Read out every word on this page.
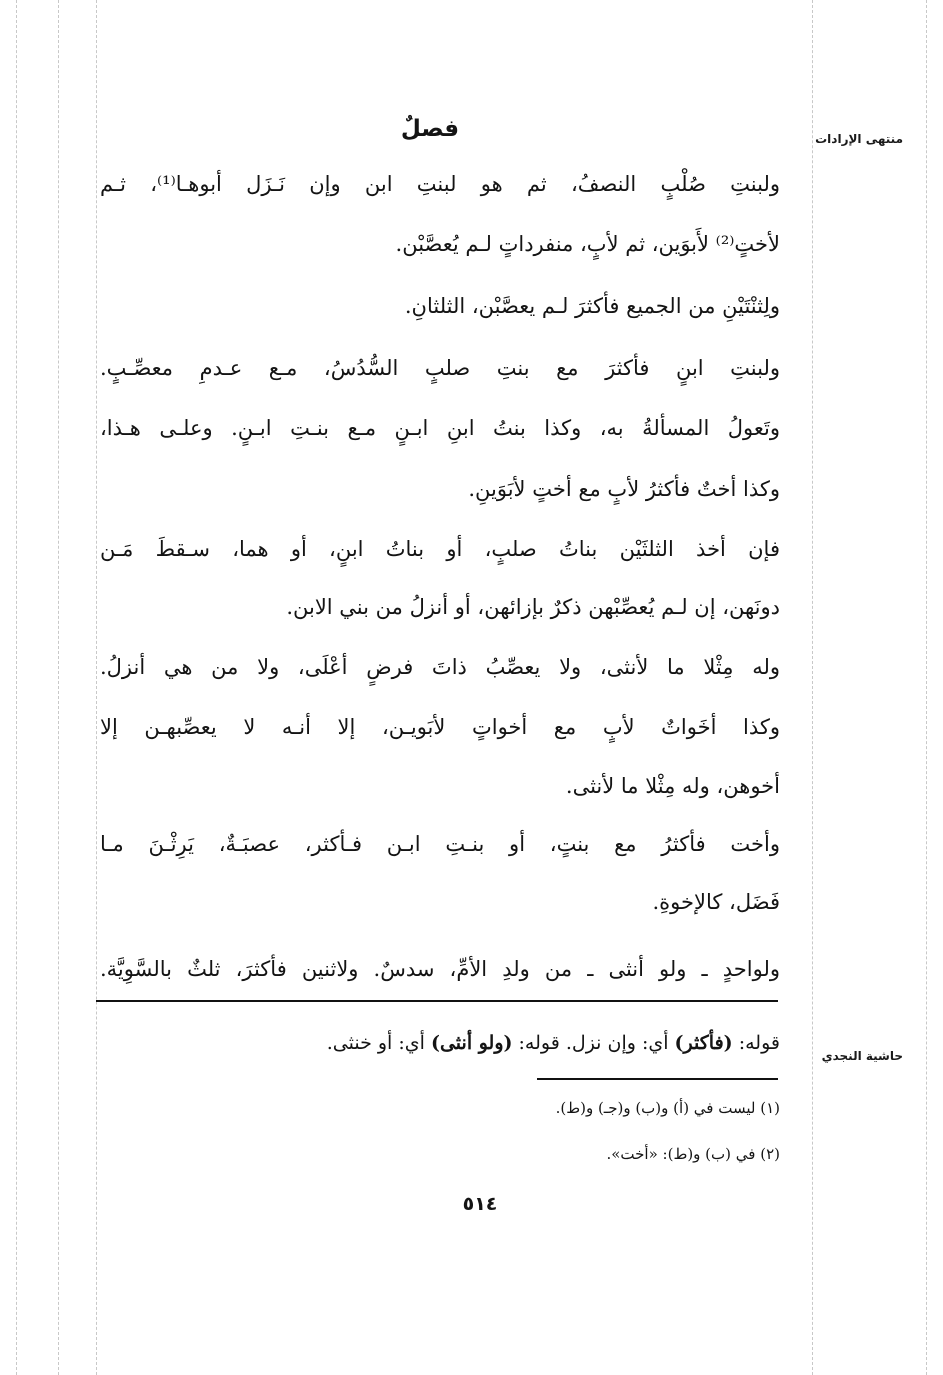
منتهى الإرادات
فصلٌ
ولبنتِ صُلْبٍ النصفُ، ثم هو لبنتِ ابن وإن نَـزَل أبوهـا⁽¹⁾، ثـم
لأختٍ⁽²⁾ لأَبوَين، ثم لأبٍ، منفرداتٍ لـم يُعصَّبْن.
ولِثنْتَيْنِ من الجميع فأكثرَ لـم يعصَّبْن، الثلثانِ.
ولبنتِ ابنٍ فأكثرَ مع بنتِ صلبٍ السُّدُسُ، مـع عـدمِ معصِّـبٍ.
وتَعولُ المسألةُ به، وكذا بنتُ ابنِ ابـنٍ مـع بنـتِ ابـنٍ. وعلـى هـذا،
وكذا أختٌ فأكثرُ لأبٍ مع أختٍ لأبَوَينِ.
فإن أخذ الثلثَيْن بناتُ صلبٍ، أو بناتُ ابنٍ، أو هما، سـقطَ مَـن
دونَهن، إن لـم يُعصِّبْهن ذكرٌ بإزائهن، أو أنزلُ من بني الابن.
وله مِثْلا ما لأنثى، ولا يعصِّبُ ذاتَ فرضٍ أعْلَى، ولا من هي أنزلُ.
وكذا أخَواتٌ لأبٍ مع أخواتٍ لأبَويـن، إلا أنـه لا يعصِّبهـن إلا
أخوهن، وله مِثْلا ما لأنثى.
وأخت فأكثرُ مع بنتٍ، أو بنـتِ ابـن فـأكثر، عصبَـةٌ، يَرِثْـنَ مـا
فَضَل، كالإخوةِ.
ولواحدٍ ـ ولو أنثى ـ من ولدِ الأمِّ، سدسٌ. ولاثنين فأكثرَ، ثلثٌ بالسَّوِيَّة.
حاشية النجدي
قوله: (فأكثر) أي: وإن نزل. قوله: (ولو أنثى) أي: أو خنثى.
(١) ليست في (أ) و(ب) و(جـ) و(ط).
(٢) في (ب) و(ط): «أخت».
٥١٤
